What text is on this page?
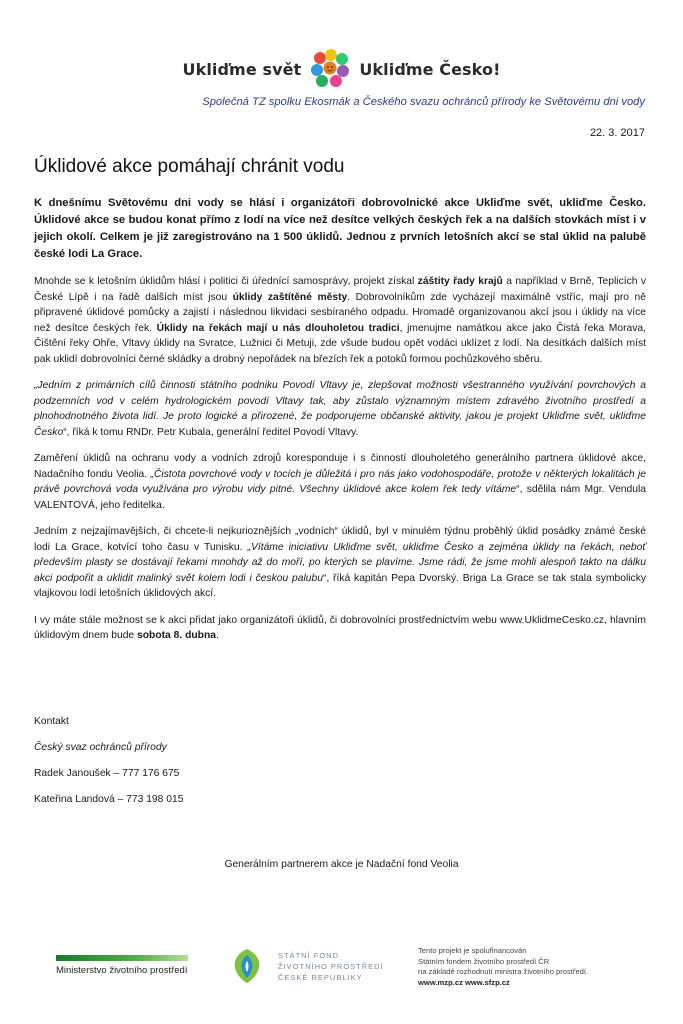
Ukliďme svět	Ukliďme Česko!
Společná TZ spolku Ekosmák a Českého svazu ochránců přírody ke Světovému dni vody
22. 3. 2017
Úklidové akce pomáhají chránit vodu

K dnešnímu Světovému dni vody se hlásí i organizátoři dobrovolnické akce Ukliďme svět, ukliďme Česko. Úklidové akce se budou konat přímo z lodí na více než desítce velkých českých řek a na dalších stovkách míst i v jejich okolí. Celkem je již zaregistrováno na 1 500 úklidů. Jednou z prvních letošních akcí se stal úklid na palubě české lodi La Grace.

Mnohde se k letošním úklidům hlásí i politici či úřednící samosprávy, projekt získal záštity řady krajů a například v Brně, Teplicích v České Lípě i na řadě dalších míst jsou úklidy zaštítěné městy. Dobrovolníkům zde vycházejí maximálně vstříc, mají pro ně připravené úklidové pomůcky a zajistí i následnou likvidaci sesbíraného odpadu. Hromadě organizovanou akcí jsou i úklidy na více než desítce českých řek. Úklidy na řekách mají u nás dlouholetou tradici, jmenujme namátkou akce jako Čistá řeka Morava, Čištění řeky Ohře, Vltavy úklidy na Svratce, Lužnici či Metuji, zde všude budou opět vodáci uklízet z lodí. Na desítkách dalších míst pak uklidí dobrovolníci černé skládky a drobný nepořádek na březích řek a potoků formou pochůzkového sběru.

„Jedním z primárních cílů činnosti státního podniku Povodí Vltavy je, zlepšovat možnosti všestranného využívání povrchových a podzemních vod v celém hydrologickém povodí Vltavy tak, aby zůstalo významným místem zdravého životního prostředí a plnohodnotného života lidí. Je proto logické a přirozené, že podporujeme občanské aktivity, jakou je projekt Ukliďme svět, ukliďme Česko“, říká k tomu RNDr. Petr Kubala, generální ředitel Povodí Vltavy.

Zaměření úklidů na ochranu vody a vodních zdrojů koresponduje i s činností dlouholetého generálního partnera úklidové akce, Nadačního fondu Veolia. „Čistota povrchové vody v tocích je důležitá i pro nás jako vodohospodáře, protože v některých lokalitách je právě povrchová voda využívána pro výrobu vidy pitné. Všechny úklidové akce kolem řek tedy vítáme“, sdělila nám Mgr. Vendula VALENTOVÁ, jeho ředitelka.

Jedním z nejzajímavějších, či chcete-li nejkurioznějších „vodních“ úklidů, byl v minulém týdnu proběhlý úklid posádky známé české lodi La Grace, kotvící toho času v Tunisku. „Vítáme iniciativu Ukliďme svět, ukliďme Česko a zejména úklidy na řekách, neboť především plasty se dostávají řekami mnohdy až do moří, po kterých se plavíme. Jsme rádi, že jsme mohli alespoň takto na dálku akci podpořit a uklidit malinký svět kolem lodi i českou palubu“, říká kapitán Pepa Dvorský. Briga La Grace se tak stala symbolicky vlajkovou lodí letošních úklidových akcí.

I vy máte stále možnost se k akci přidat jako organizátoři úklidů, či dobrovolníci prostřednictvím webu www.UklidmeCesko.cz, hlavním úklidovým dnem bude sobota 8. dubna.

Kontakt
Český svaz ochránců přírody
Radek Janoušek – 777 176 675
Kateřina Landová – 773 198 015
Generálním partnerem akce je Nadační fond Veolia
Ministerstvo životního prostředí
STÁTNÍ FOND
ŽIVOTNÍHO PROSTŘEDÍ
ČESKÉ REPUBLIKY
Tento projekt je spolufinancován
Státním fondem životního prostředí ČR
na základě rozhodnutí ministra životního prostředí.
www.mzp.cz www.sfzp.cz
